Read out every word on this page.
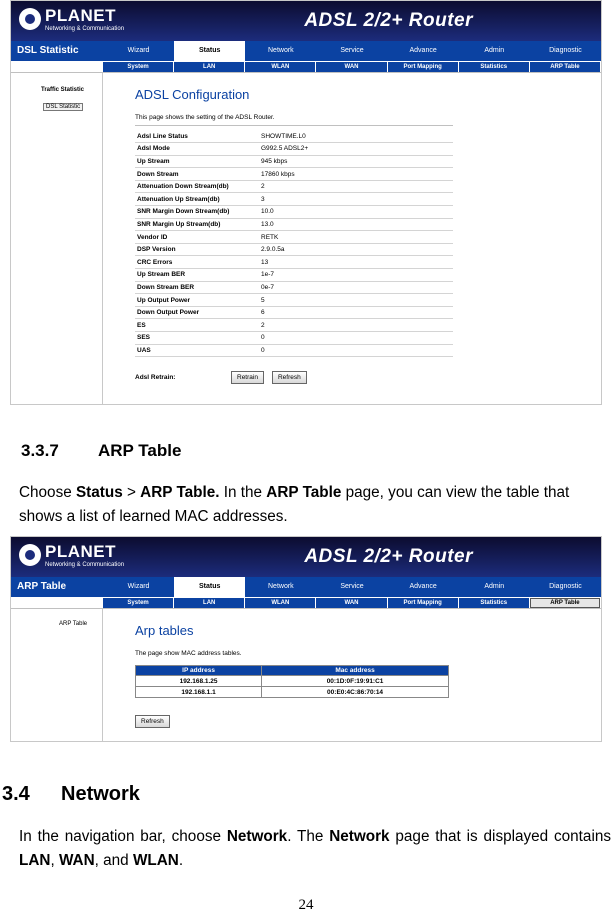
PLANET
Networking & Communication	ADSL 2/2+ Router
DSL Statistic	Wizard	Status	Network	Service	Advance	Admin	Diagnostic
System	LAN	WLAN	WAN	Port Mapping	Statistics	ARP Table
Traffic Statistic
DSL Statistic
ADSL Configuration
This page shows the setting of the ADSL Router.
Adsl Line Status	SHOWTIME.L0
Adsl Mode	G992.5 ADSL2+
Up Stream	945 kbps
Down Stream	17860 kbps
Attenuation Down Stream(db)	2
Attenuation Up Stream(db)	3
SNR Margin Down Stream(db)	10.0
SNR Margin Up Stream(db)	13.0
Vendor ID	RETK
DSP Version	2.9.0.5a
CRC Errors	13
Up Stream BER	1e-7
Down Stream BER	0e-7
Up Output Power	5
Down Output Power	6
ES	2
SES	0
UAS	0
Adsl Retrain:	Retrain	Refresh
3.3.7 ARP Table
Choose Status > ARP Table. In the ARP Table page, you can view the table that shows a list of learned MAC addresses.
PLANET
Networking & Communication	ADSL 2/2+ Router
ARP Table	Wizard	Status	Network	Service	Advance	Admin	Diagnostic
System	LAN	WLAN	WAN	Port Mapping	Statistics	ARP Table
ARP Table	Arp tables
The page show MAC address tables.
IP address	Mac address
192.168.1.25	00:1D:0F:19:91:C1
192.168.1.1	00:E0:4C:86:70:14
Refresh
3.4 Network
In the navigation bar, choose Network. The Network page that is displayed contains LAN, WAN, and WLAN.
24
